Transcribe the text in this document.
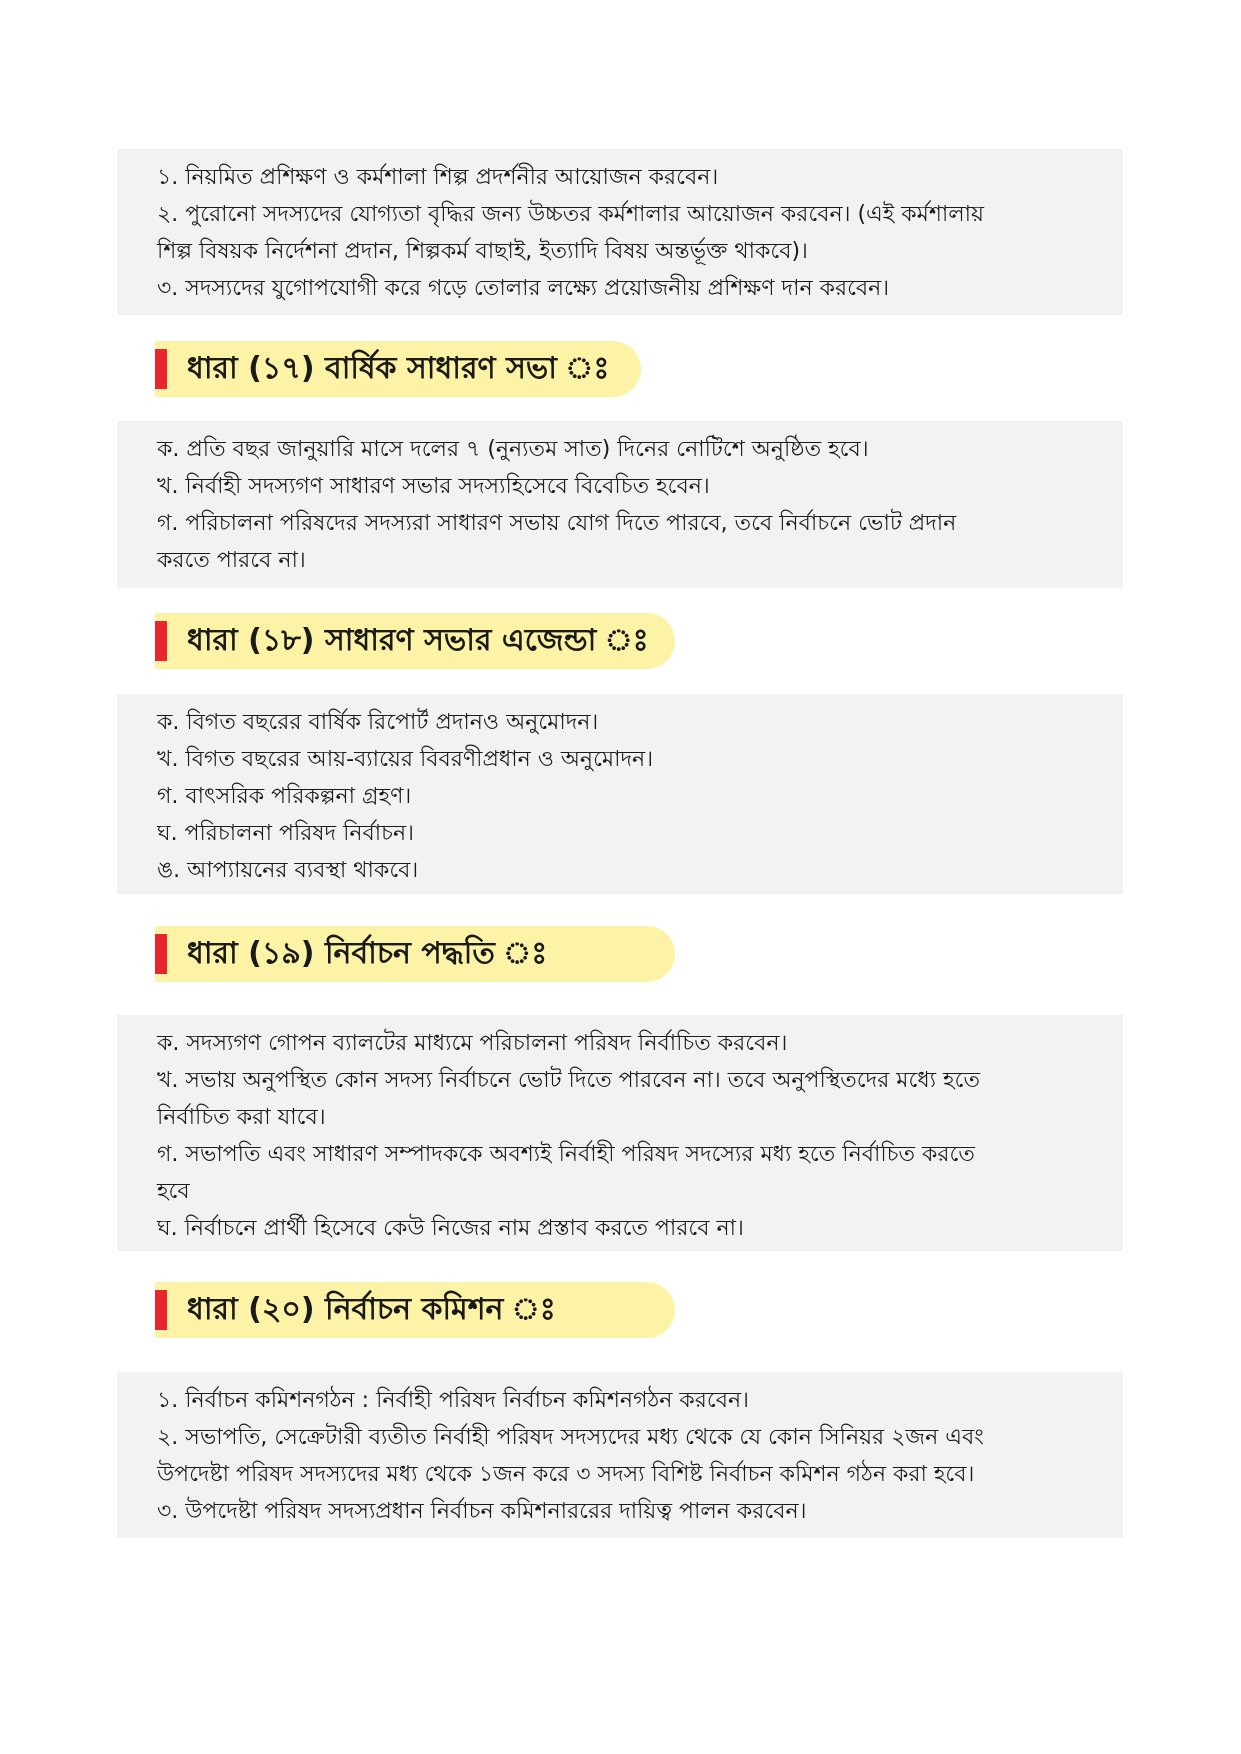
১. নিয়মিত প্রশিক্ষণ ও কর্মশালা শিল্প প্রদর্শনীর আয়োজন করবেন।
২. পুরোনো সদস্যদের যোগ্যতা বৃদ্ধির জন্য উচ্চতর কর্মশালার আয়োজন করবেন। (এই কর্মশালায়
শিল্প বিষয়ক নির্দেশনা প্রদান, শিল্পকর্ম বাছাই, ইত্যাদি বিষয় অন্তর্ভূক্ত থাকবে)।
৩. সদস্যদের যুগোপযোগী করে গড়ে তোলার লক্ষ্যে প্রয়োজনীয় প্রশিক্ষণ দান করবেন।
ধারা (১৭) বার্ষিক সাধারণ সভা ঃ
ক. প্রতি বছর জানুয়ারি মাসে দলের ৭ (নুন্যতম সাত) দিনের নোটিশে অনুষ্ঠিত হবে।
খ. নির্বাহী সদস্যগণ সাধারণ সভার সদস্যহিসেবে বিবেচিত হবেন।
গ. পরিচালনা পরিষদের সদস্যরা সাধারণ সভায় যোগ দিতে পারবে, তবে নির্বাচনে ভোট প্রদান
করতে পারবে না।
ধারা (১৮) সাধারণ সভার এজেন্ডা ঃ
ক. বিগত বছরের বার্ষিক রিপোর্ট প্রদানও অনুমোদন।
খ. বিগত বছরের আয়-ব্যায়ের বিবরণীপ্রধান ও অনুমোদন।
গ. বাৎসরিক পরিকল্পনা গ্রহণ।
ঘ. পরিচালনা পরিষদ নির্বাচন।
ঙ. আপ্যায়নের ব্যবস্থা থাকবে।
ধারা (১৯) নির্বাচন পদ্ধতি ঃ
ক. সদস্যগণ গোপন ব্যালটের মাধ্যমে পরিচালনা পরিষদ নির্বাচিত করবেন।
খ. সভায় অনুপস্থিত কোন সদস্য নির্বাচনে ভোট দিতে পারবেন না। তবে অনুপস্থিতদের মধ্যে হতে
নির্বাচিত করা যাবে।
গ. সভাপতি এবং সাধারণ সম্পাদককে অবশ্যই নির্বাহী পরিষদ সদস্যের মধ্য হতে নির্বাচিত করতে
হবে
ঘ. নির্বাচনে প্রার্থী হিসেবে কেউ নিজের নাম প্রস্তাব করতে পারবে না।
ধারা (২০) নির্বাচন কমিশন ঃ
১. নির্বাচন কমিশনগঠন : নির্বাহী পরিষদ নির্বাচন কমিশনগঠন করবেন।
২. সভাপতি, সেক্রেটারী ব্যতীত নির্বাহী পরিষদ সদস্যদের মধ্য থেকে যে কোন সিনিয়র ২জন এবং
উপদেষ্টা পরিষদ সদস্যদের মধ্য থেকে ১জন করে ৩ সদস্য বিশিষ্ট নির্বাচন কমিশন গঠন করা হবে।
৩. উপদেষ্টা পরিষদ সদস্যপ্রধান নির্বাচন কমিশনাররের দায়িত্ব পালন করবেন।
